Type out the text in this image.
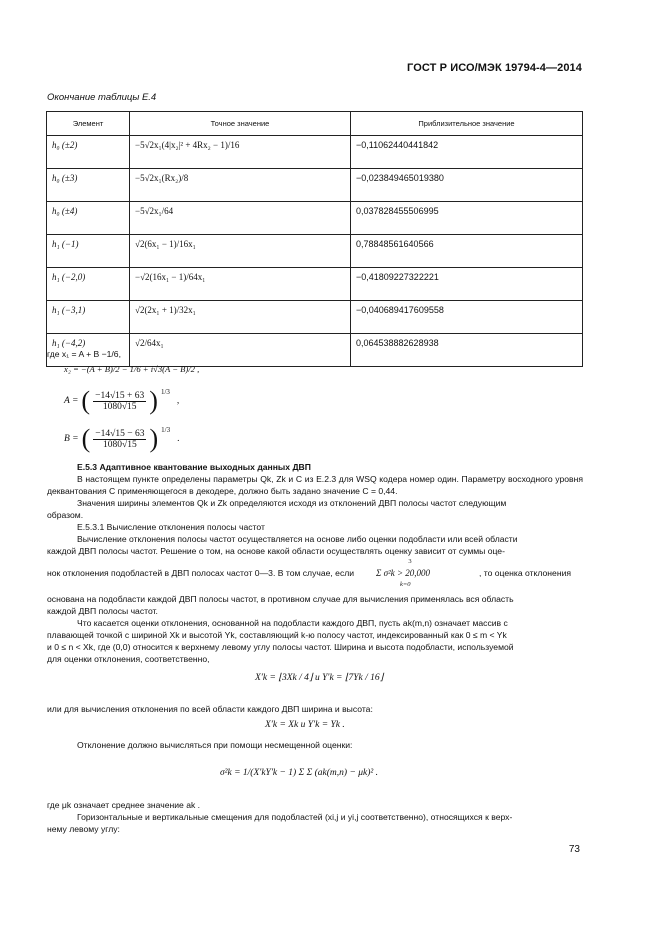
ГОСТ Р ИСО/МЭК 19794-4—2014
Окончание таблицы E.4
Элемент	Точное значение	Приблизительное значение
h₀ (±2)	−5√2x₁(4|x₂|² + 4Rx₂ − 1)/16	−0,11062440441842
h₀ (±3)	−5√2x₁(Rx₂)/8	−0,023849465019380
h₀ (±4)	−5√2x₁/64	0,037828455506995
h₁ (−1)	√2(6x₁ − 1)/16x₁	0,78848561640566
h₁ (−2,0)	−√2(16x₁ − 1)/64x₁	−0,41809227322221
h₁ (−3,1)	√2(2x₁ + 1)/32x₁	−0,040689417609558
h₁ (−4,2)	√2/64x₁	0,064538882628938
где x₁ = A + B −1/6,
x₂ = −(A + B)/2 − 1/6 + i√3(A − B)/2 ,
A = ( $\frac{-14√15 + 63}{1080√15}$ ) 1/3
,
B = ( $\frac{-14√15 - 63}{1080√15}$ ) 1/3
.
E.5.3 Адаптивное квантование выходных данных ДВП
В настоящем пункте определены параметры Qk, Zk и C из E.2.3 для WSQ кодера номер один. Параметру восходного уровня деквантования C применяющегося в декодере, должно быть задано значение C = 0,44.
Значения ширины элементов Qk и Zk определяются исходя из отклонений ДВП полосы частот следующим
образом.
E.5.3.1 Вычисление отклонения полосы частот
Вычисление отклонения полосы частот осуществляется на основе либо оценки подобласти или всей области
каждой ДВП полосы частот. Решение о том, на основе какой области осуществлять оценку зависит от суммы оце-
нок отклонения подобластей в ДВП полосах частот 0—3. В том случае, если
3
Σ σ²k > 20,000
k=0
, то оценка отклонения
основана на подобласти каждой ДВП полосы частот, в противном случае для вычисления применялась вся область
каждой ДВП полосы частот.
Что касается оценки отклонения, основанной на подобласти каждого ДВП, пусть ak(m,n) означает массив с
плавающей точкой с шириной Xk и высотой Yk, составляющий k-ю полосу частот, индексированный как 0 ≤ m < Yk
и 0 ≤ n < Xk, где (0,0) относится к верхнему левому углу полосы частот. Ширина и высота подобласти, используемой
для оценки отклонения, соответственно,
X′k = ⌊3Xk / 4⌋ и Y′k = ⌊7Yk / 16⌋
или для вычисления отклонения по всей области каждого ДВП ширина и высота:
X′k = Xk и Y′k = Yk .
Отклонение должно вычисляться при помощи несмещенной оценки:
σ²k = 1/(X′kY′k − 1) Σ Σ (ak(m,n) − μk)² .
где μk означает среднее значение ak .
Горизонтальные и вертикальные смещения для подобластей (xi,j и yi,j соответственно), относящихся к верх-
нему левому углу:
73
